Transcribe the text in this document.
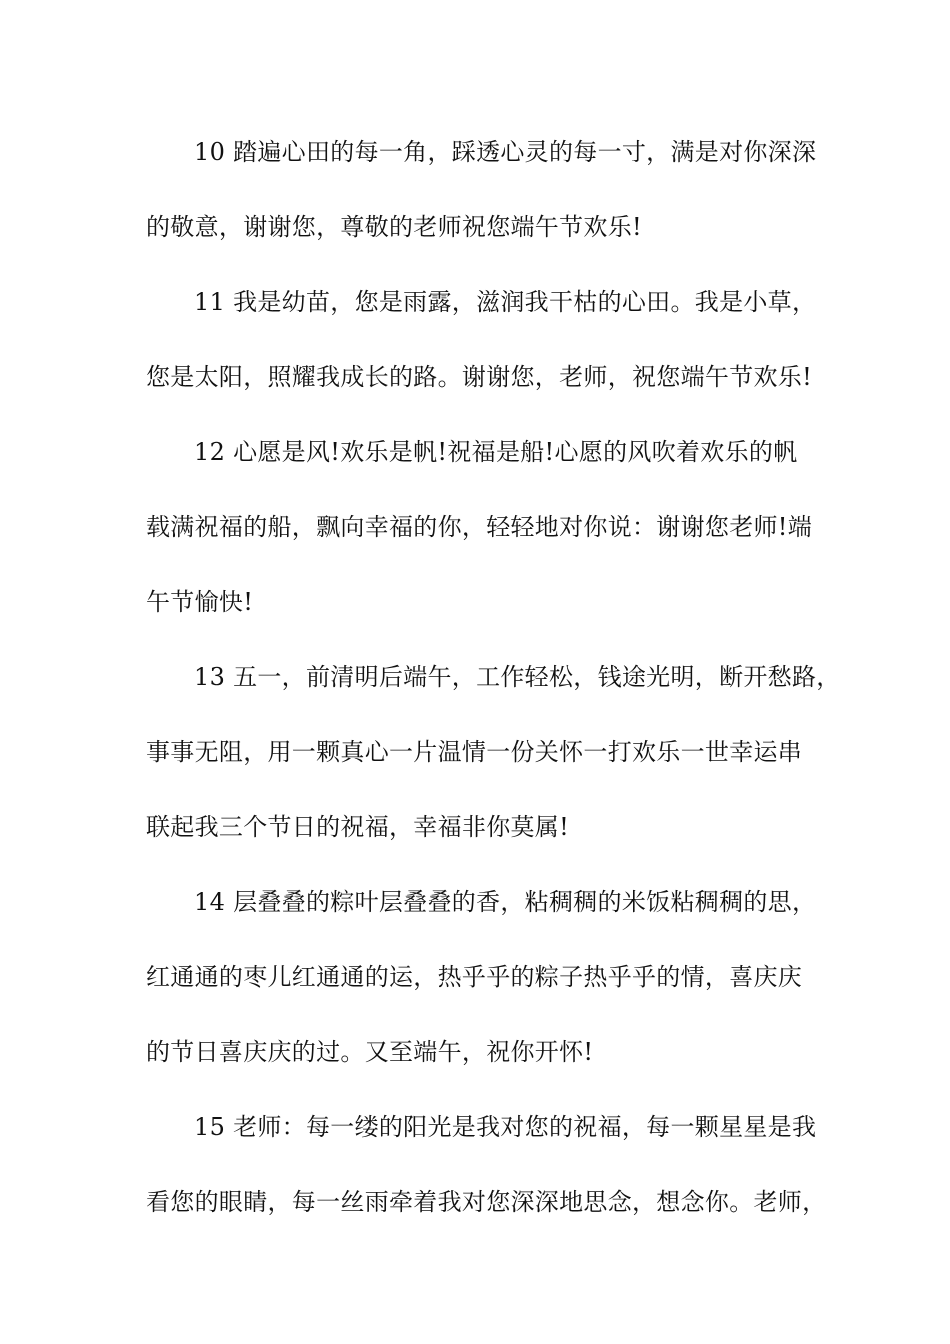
10 踏遍心田的每一角，踩透心灵的每一寸，满是对你深深
的敬意，谢谢您，尊敬的老师祝您端午节欢乐!
11 我是幼苗，您是雨露，滋润我干枯的心田。我是小草，
您是太阳，照耀我成长的路。谢谢您，老师，祝您端午节欢乐!
12 心愿是风!欢乐是帆!祝福是船!心愿的风吹着欢乐的帆
载满祝福的船，飘向幸福的你，轻轻地对你说：谢谢您老师!端
午节愉快!
13 五一，前清明后端午，工作轻松，钱途光明，断开愁路，
事事无阻，用一颗真心一片温情一份关怀一打欢乐一世幸运串
联起我三个节日的祝福，幸福非你莫属!
14 层叠叠的粽叶层叠叠的香，粘稠稠的米饭粘稠稠的思，
红通通的枣儿红通通的运，热乎乎的粽子热乎乎的情，喜庆庆
的节日喜庆庆的过。又至端午，祝你开怀!
15 老师：每一缕的阳光是我对您的祝福，每一颗星星是我
看您的眼睛，每一丝雨牵着我对您深深地思念，想念你。老师，
